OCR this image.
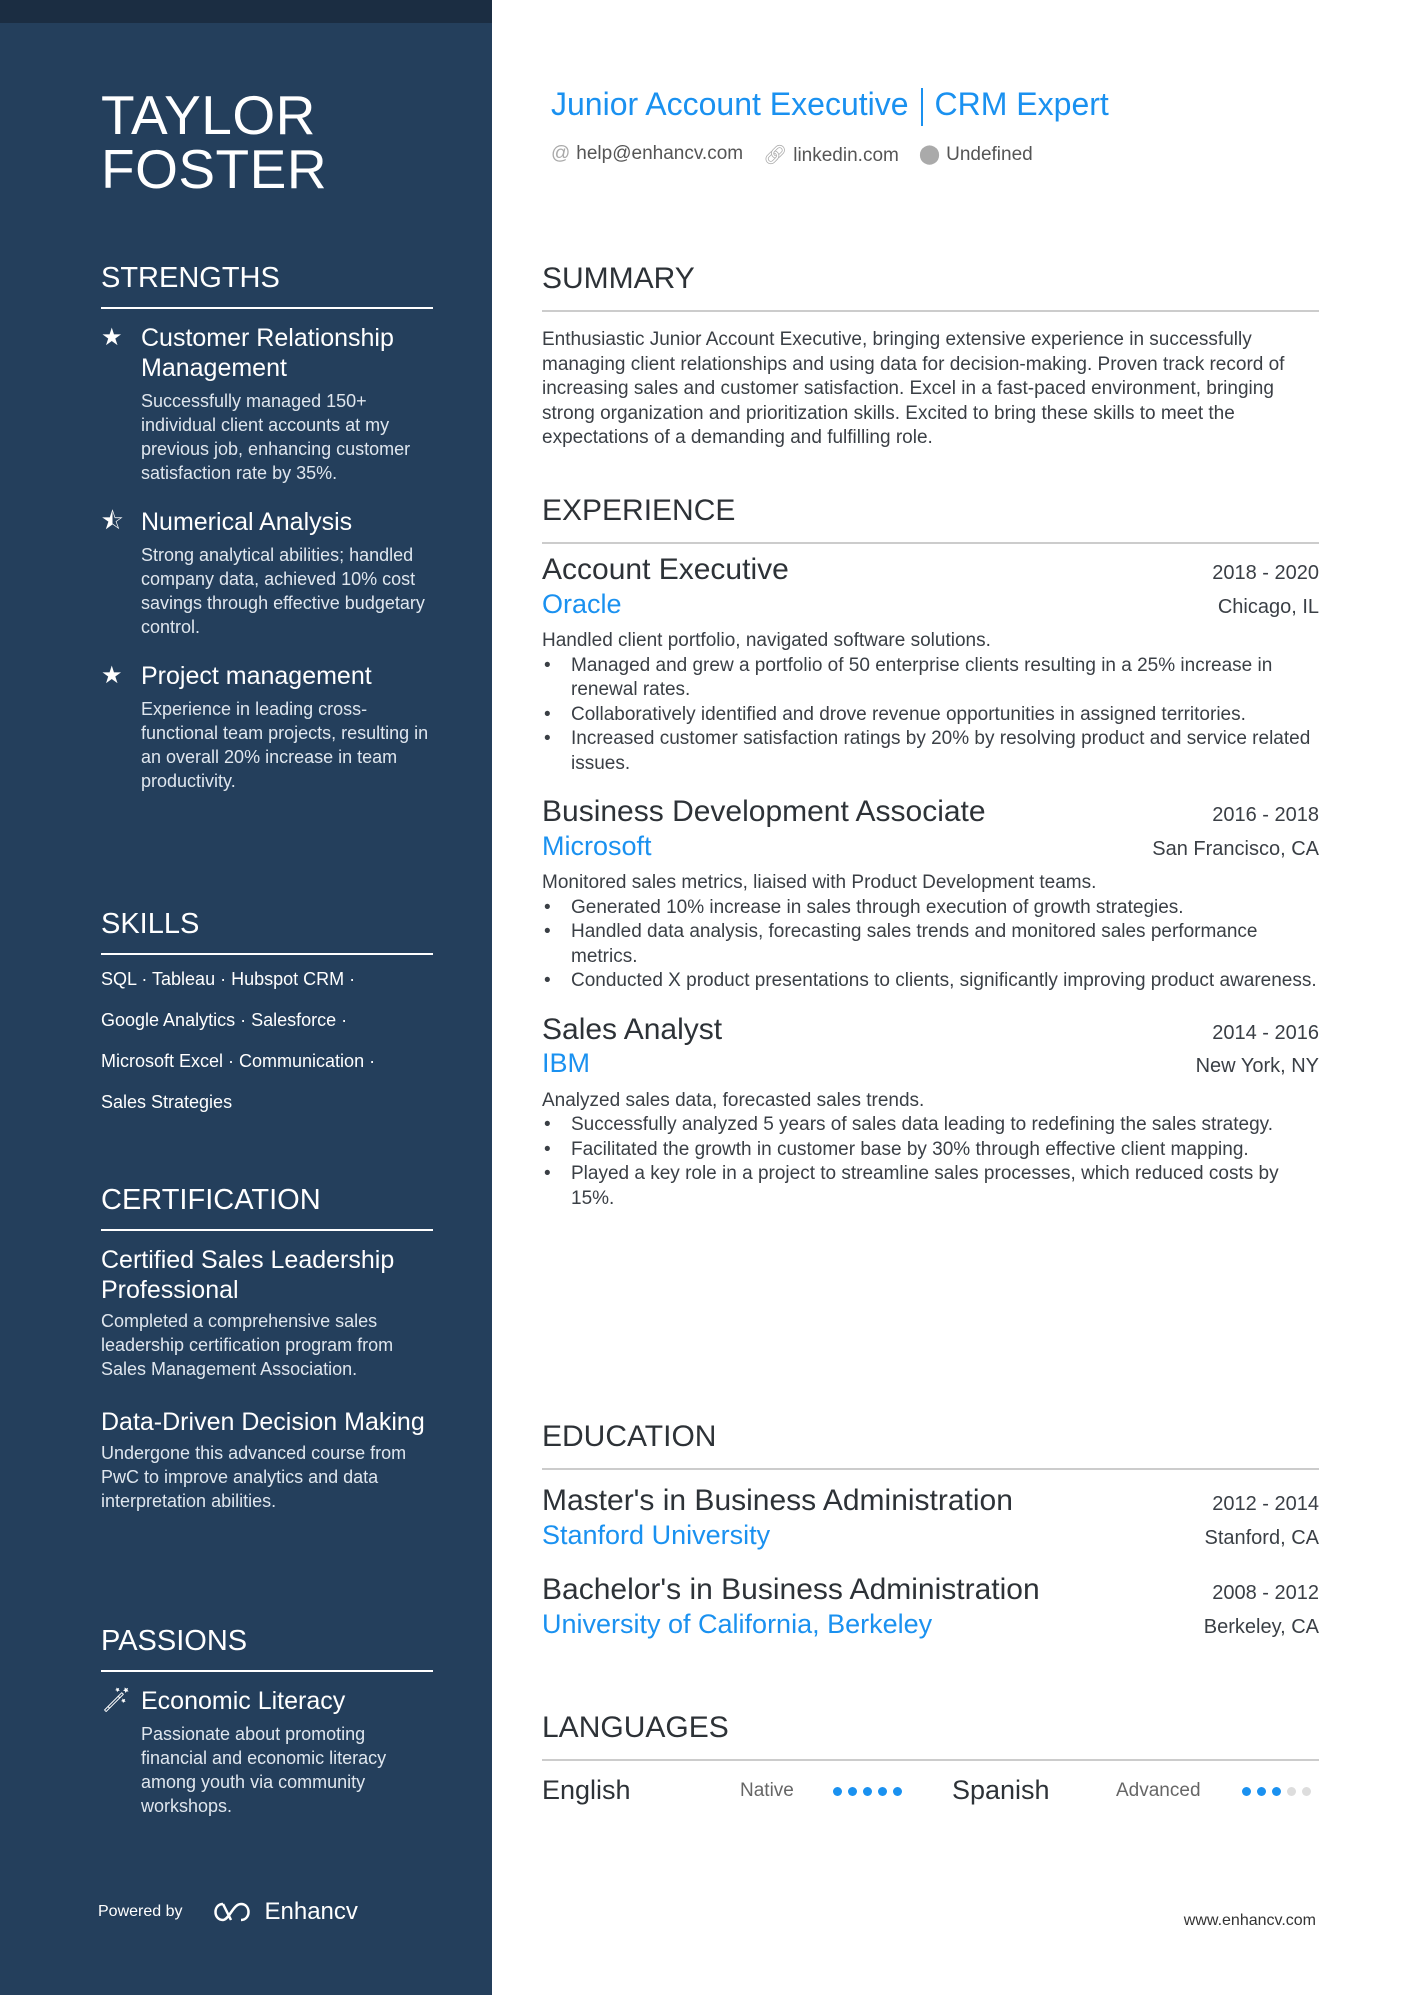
TAYLOR
FOSTER
STRENGTHS
★ Customer Relationship Management
Successfully managed 150+ individual client accounts at my previous job, enhancing customer satisfaction rate by 35%.
⯪ Numerical Analysis
Strong analytical abilities; handled company data, achieved 10% cost savings through effective budgetary control.
★ Project management
Experience in leading cross-functional team projects, resulting in an overall 20% increase in team productivity.
SKILLS
SQL · Tableau · Hubspot CRM ·
Google Analytics · Salesforce ·
Microsoft Excel · Communication ·
Sales Strategies
CERTIFICATION
Certified Sales Leadership Professional
Completed a comprehensive sales leadership certification program from Sales Management Association.
Data-Driven Decision Making
Undergone this advanced course from PwC to improve analytics and data interpretation abilities.
PASSIONS
🪄︎ Economic Literacy
Passionate about promoting financial and economic literacy among youth via community workshops.
Powered by	Enhancv
Junior Account Executive CRM Expert
@ help@enhancv.com 🔗︎ linkedin.com ⬤ Undefined
SUMMARY
Enthusiastic Junior Account Executive, bringing extensive experience in successfully managing client relationships and using data for decision-making. Proven track record of increasing sales and customer satisfaction. Excel in a fast-paced environment, bringing strong organization and prioritization skills. Excited to bring these skills to meet the expectations of a demanding and fulfilling role.
EXPERIENCE
Account Executive	2018 - 2020
Oracle	Chicago, IL
Handled client portfolio, navigated software solutions.
• Managed and grew a portfolio of 50 enterprise clients resulting in a 25% increase in renewal rates.
• Collaboratively identified and drove revenue opportunities in assigned territories.
• Increased customer satisfaction ratings by 20% by resolving product and service related issues.
Business Development Associate	2016 - 2018
Microsoft	San Francisco, CA
Monitored sales metrics, liaised with Product Development teams.
• Generated 10% increase in sales through execution of growth strategies.
• Handled data analysis, forecasting sales trends and monitored sales performance metrics.
• Conducted X product presentations to clients, significantly improving product awareness.
Sales Analyst	2014 - 2016
IBM	New York, NY
Analyzed sales data, forecasted sales trends.
• Successfully analyzed 5 years of sales data leading to redefining the sales strategy.
• Facilitated the growth in customer base by 30% through effective client mapping.
• Played a key role in a project to streamline sales processes, which reduced costs by 15%.
EDUCATION
Master's in Business Administration	2012 - 2014
Stanford University	Stanford, CA
Bachelor's in Business Administration	2008 - 2012
University of California, Berkeley	Berkeley, CA
LANGUAGES
English	Native	Spanish	Advanced
www.enhancv.com
